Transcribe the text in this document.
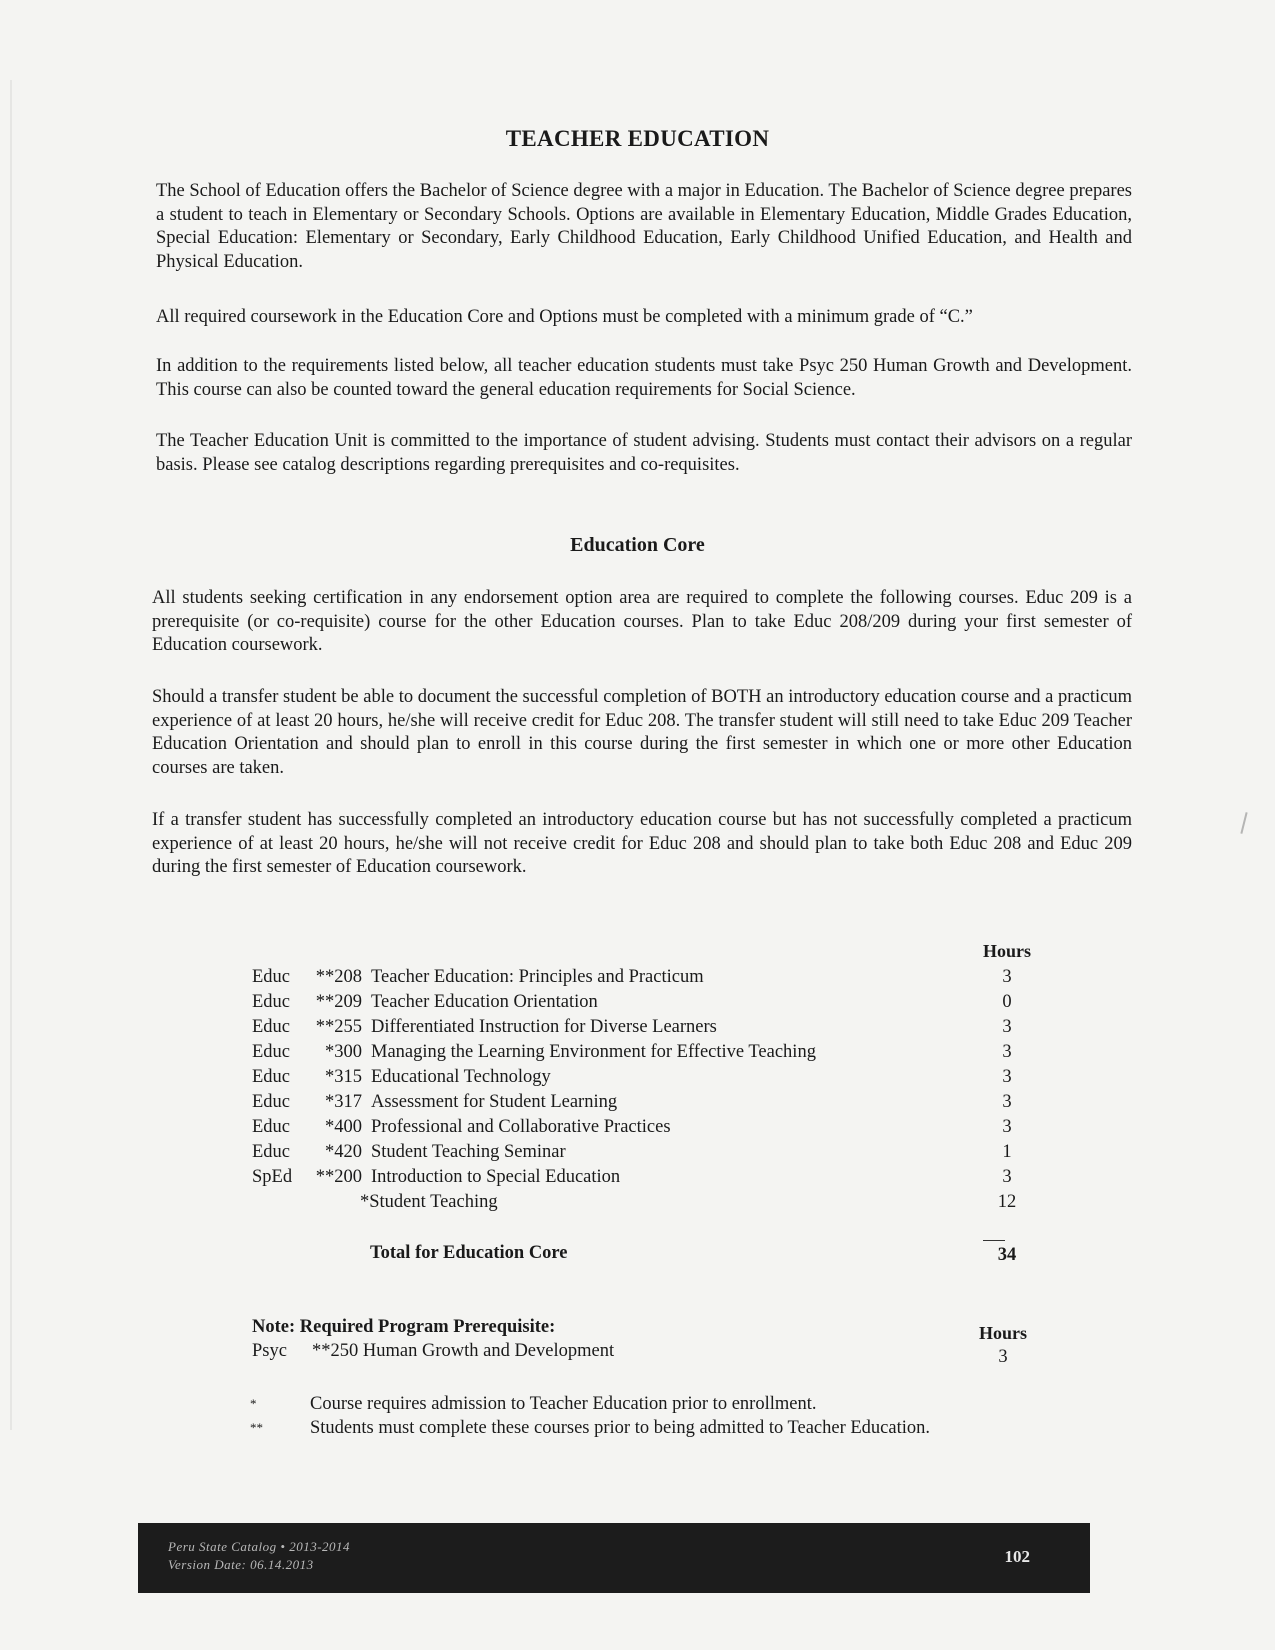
TEACHER EDUCATION
The School of Education offers the Bachelor of Science degree with a major in Education. The Bachelor of Science degree prepares a student to teach in Elementary or Secondary Schools. Options are available in Elementary Education, Middle Grades Education, Special Education: Elementary or Secondary, Early Childhood Education, Early Childhood Unified Education, and Health and Physical Education.
All required coursework in the Education Core and Options must be completed with a minimum grade of “C.”
In addition to the requirements listed below, all teacher education students must take Psyc 250 Human Growth and Development. This course can also be counted toward the general education requirements for Social Science.
The Teacher Education Unit is committed to the importance of student advising. Students must contact their advisors on a regular basis. Please see catalog descriptions regarding prerequisites and co-requisites.
Education Core
All students seeking certification in any endorsement option area are required to complete the following courses. Educ 209 is a prerequisite (or co-requisite) course for the other Education courses. Plan to take Educ 208/209 during your first semester of Education coursework.
Should a transfer student be able to document the successful completion of BOTH an introductory education course and a practicum experience of at least 20 hours, he/she will receive credit for Educ 208. The transfer student will still need to take Educ 209 Teacher Education Orientation and should plan to enroll in this course during the first semester in which one or more other Education courses are taken.
If a transfer student has successfully completed an introductory education course but has not successfully completed a practicum experience of at least 20 hours, he/she will not receive credit for Educ 208 and should plan to take both Educ 208 and Educ 209 during the first semester of Education coursework.
Hours
Educ	**208 Teacher Education: Principles and Practicum	3
Educ	**209 Teacher Education Orientation	0
Educ	**255 Differentiated Instruction for Diverse Learners	3
Educ	*300 Managing the Learning Environment for Effective Teaching	3
Educ	*315 Educational Technology	3
Educ	*317 Assessment for Student Learning	3
Educ	*400 Professional and Collaborative Practices	3
Educ	*420 Student Teaching Seminar	1
SpEd	**200 Introduction to Special Education	3
*Student Teaching	12
Total for Education Core	34
Note: Required Program Prerequisite:	Hours
Psyc **250 Human Growth and Development	3
*	Course requires admission to Teacher Education prior to enrollment.
**	Students must complete these courses prior to being admitted to Teacher Education.
Peru State Catalog • 2013-2014
Version Date: 06.14.2013	102
